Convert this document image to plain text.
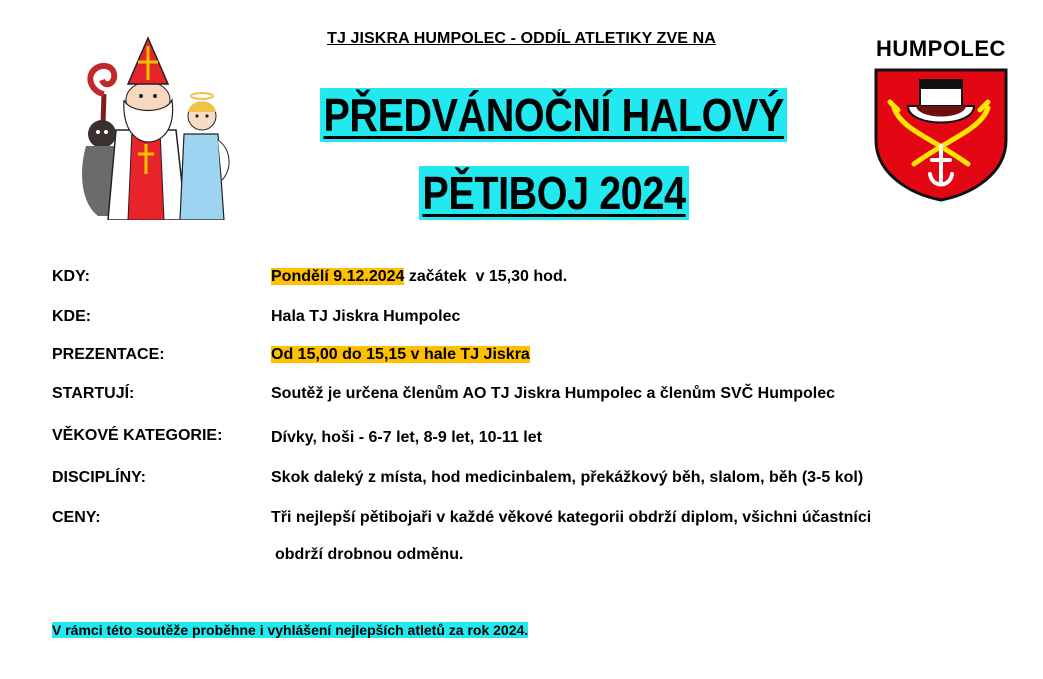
TJ JISKRA HUMPOLEC - ODDÍL ATLETIKY ZVE NA
PŘEDVÁNOČNÍ HALOVÝ
PĚTIBOJ 2024
HUMPOLEC
KDY:	Pondělí 9.12.2024 začátek  v 15,30 hod.
KDE:	Hala TJ Jiskra Humpolec
PREZENTACE:	Od 15,00 do 15,15 v hale TJ Jiskra
STARTUJÍ:	Soutěž je určena členům AO TJ Jiskra Humpolec a členům SVČ Humpolec
VĚKOVÉ KATEGORIE:	Dívky, hoši - 6-7 let, 8-9 let, 10-11 let
DISCIPLÍNY:	Skok daleký z místa, hod medicinbalem, překážkový běh, slalom, běh (3-5 kol)
CENY:	Tři nejlepší pětibojaři v každé věkové kategorii obdrží diplom, všichni účastníci
obdrží drobnou odměnu.
V rámci této soutěže proběhne i vyhlášení nejlepších atletů za rok 2024.
